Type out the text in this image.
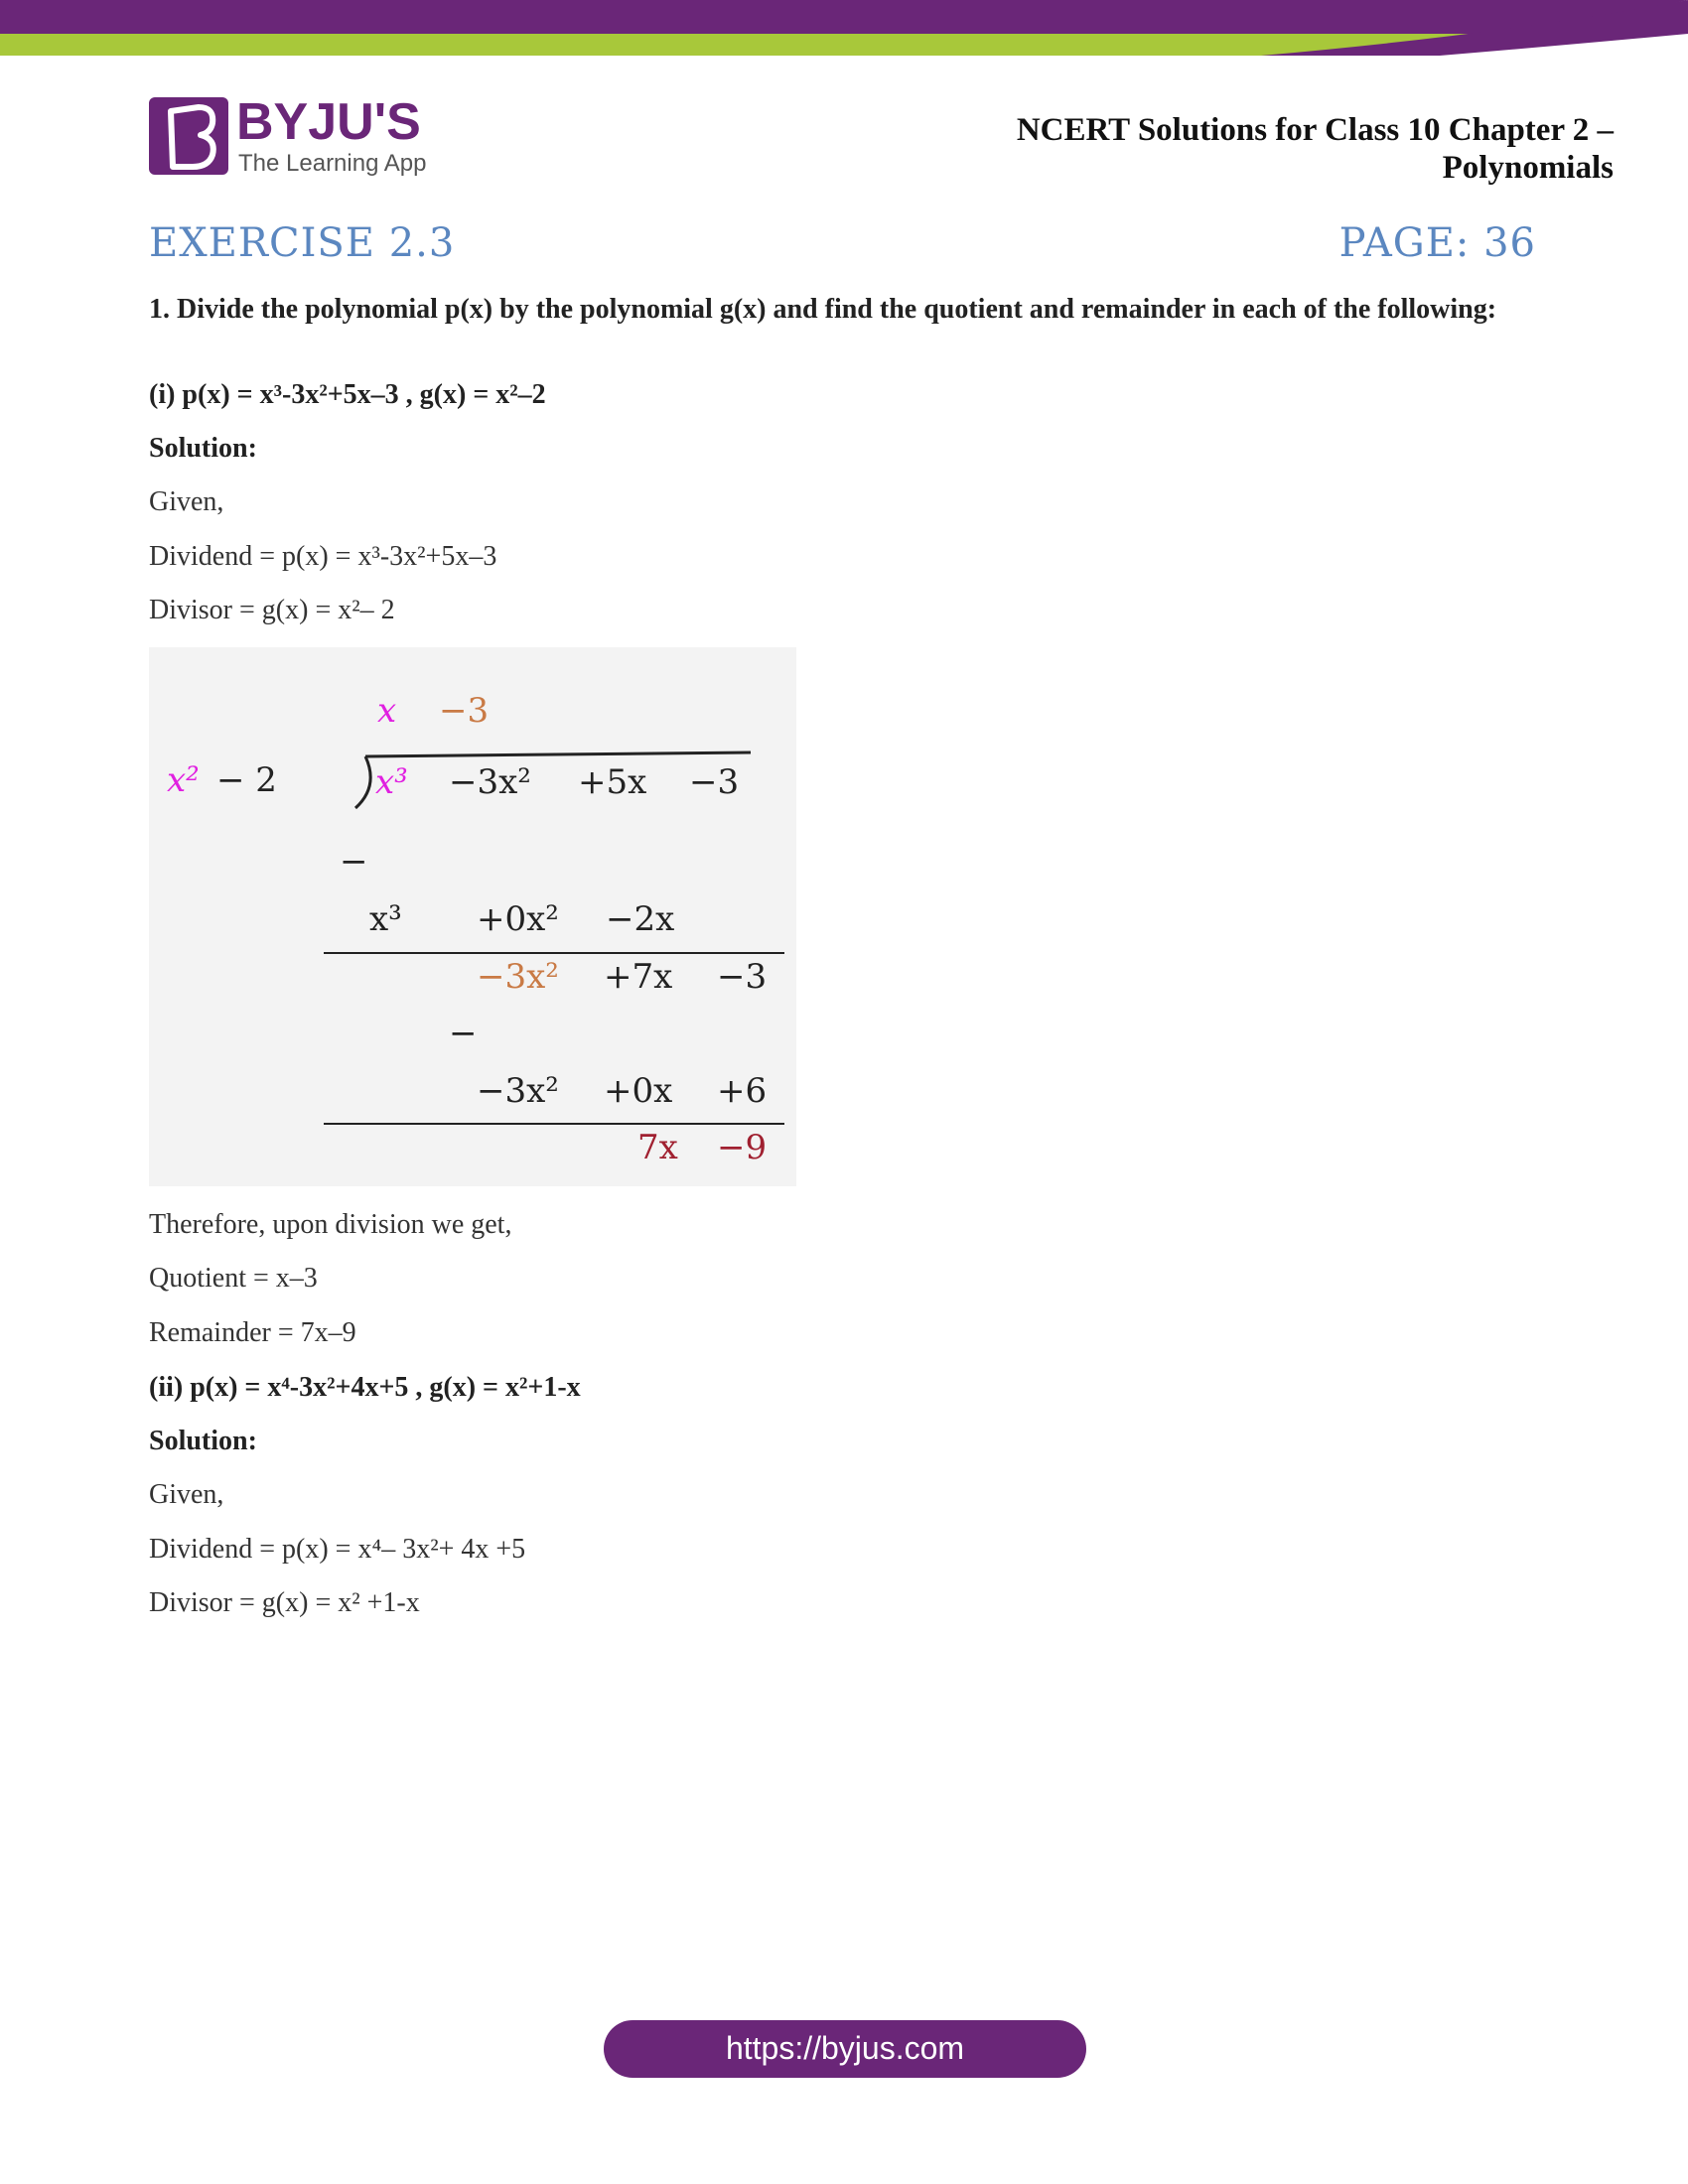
BYJU'S
The Learning App
NCERT Solutions for Class 10 Chapter 2 –
Polynomials
EXERCISE 2.3	PAGE: 36
1. Divide the polynomial p(x) by the polynomial g(x) and find the quotient and remainder in each of the following:
(i) p(x) = x³-3x²+5x–3 , g(x) = x²–2
Solution:
Given,
Dividend = p(x) = x³-3x²+5x–3
Divisor = g(x) = x²– 2
x −3
x² − 2	x³ −3x² +5x −3
−
x³ +0x² −2x
−3x² +7x −3
−
−3x² +0x +6
7x −9
Therefore, upon division we get,
Quotient = x–3
Remainder = 7x–9
(ii) p(x) = x⁴-3x²+4x+5 , g(x) = x²+1-x
Solution:
Given,
Dividend = p(x) = x⁴– 3x²+ 4x +5
Divisor = g(x) = x² +1-x
https://byjus.com
